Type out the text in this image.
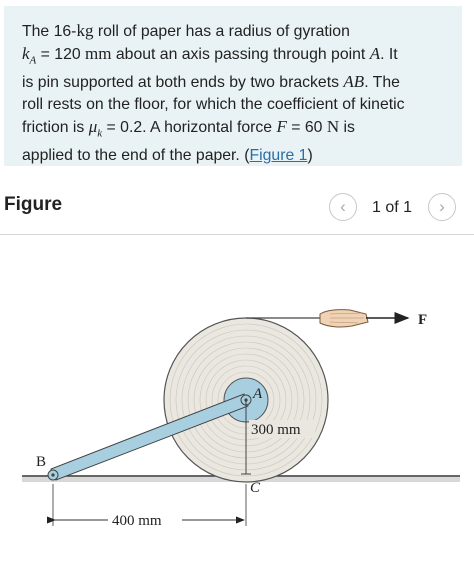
The 16-kg roll of paper has a radius of gyration
$k_A = 120$ mm about an axis passing through point A. It
is pin supported at both ends by two brackets AB. The
roll rests on the floor, for which the coefficient of kinetic
friction is $\mu_k = 0.2$. A horizontal force F = 60 N is
applied to the end of the paper. (Figure 1)

Figure	‹ 1 of 1 ›
F
A
B
C
300 mm
400 mm
